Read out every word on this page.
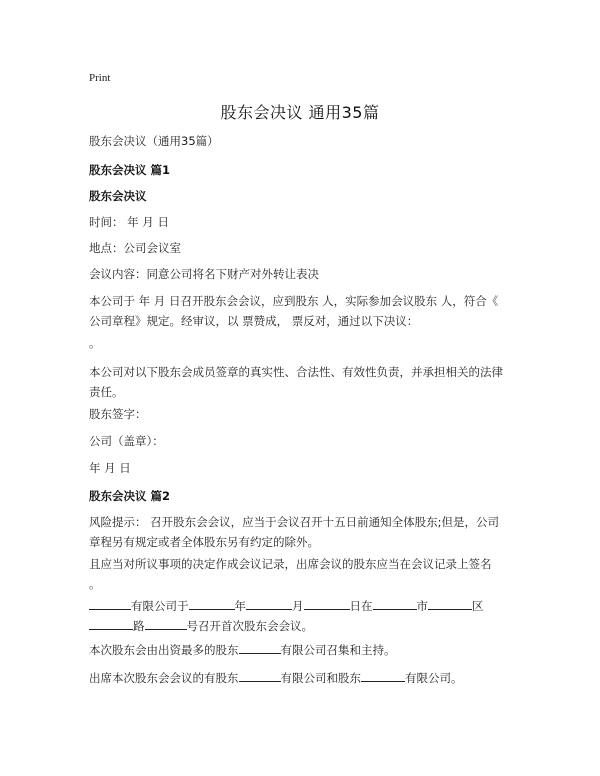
Print
股东会决议 通用35篇
股东会决议（通用35篇）
股东会决议 篇1
股东会决议
时间： 年 月 日
地点：公司会议室
会议内容：同意公司将名下财产对外转让表决
本公司于 年 月 日召开股东会会议，应到股东 人，实际参加会议股东 人，符合《
公司章程》规定。经审议，以 票赞成， 票反对，通过以下决议：
。
本公司对以下股东会成员签章的真实性、合法性、有效性负责，并承担相关的法律
责任。
股东签字：
公司（盖章）：
年 月 日
股东会决议 篇2
风险提示： 召开股东会会议，应当于会议召开十五日前通知全体股东;但是，公司
章程另有规定或者全体股东另有约定的除外。
且应当对所议事项的决定作成会议记录，出席会议的股东应当在会议记录上签名
。
有限公司于	年	月	日在	市	区
路	号召开首次股东会会议。
本次股东会由出资最多的股东	有限公司召集和主持。
出席本次股东会会议的有股东	有限公司和股东	有限公司。
